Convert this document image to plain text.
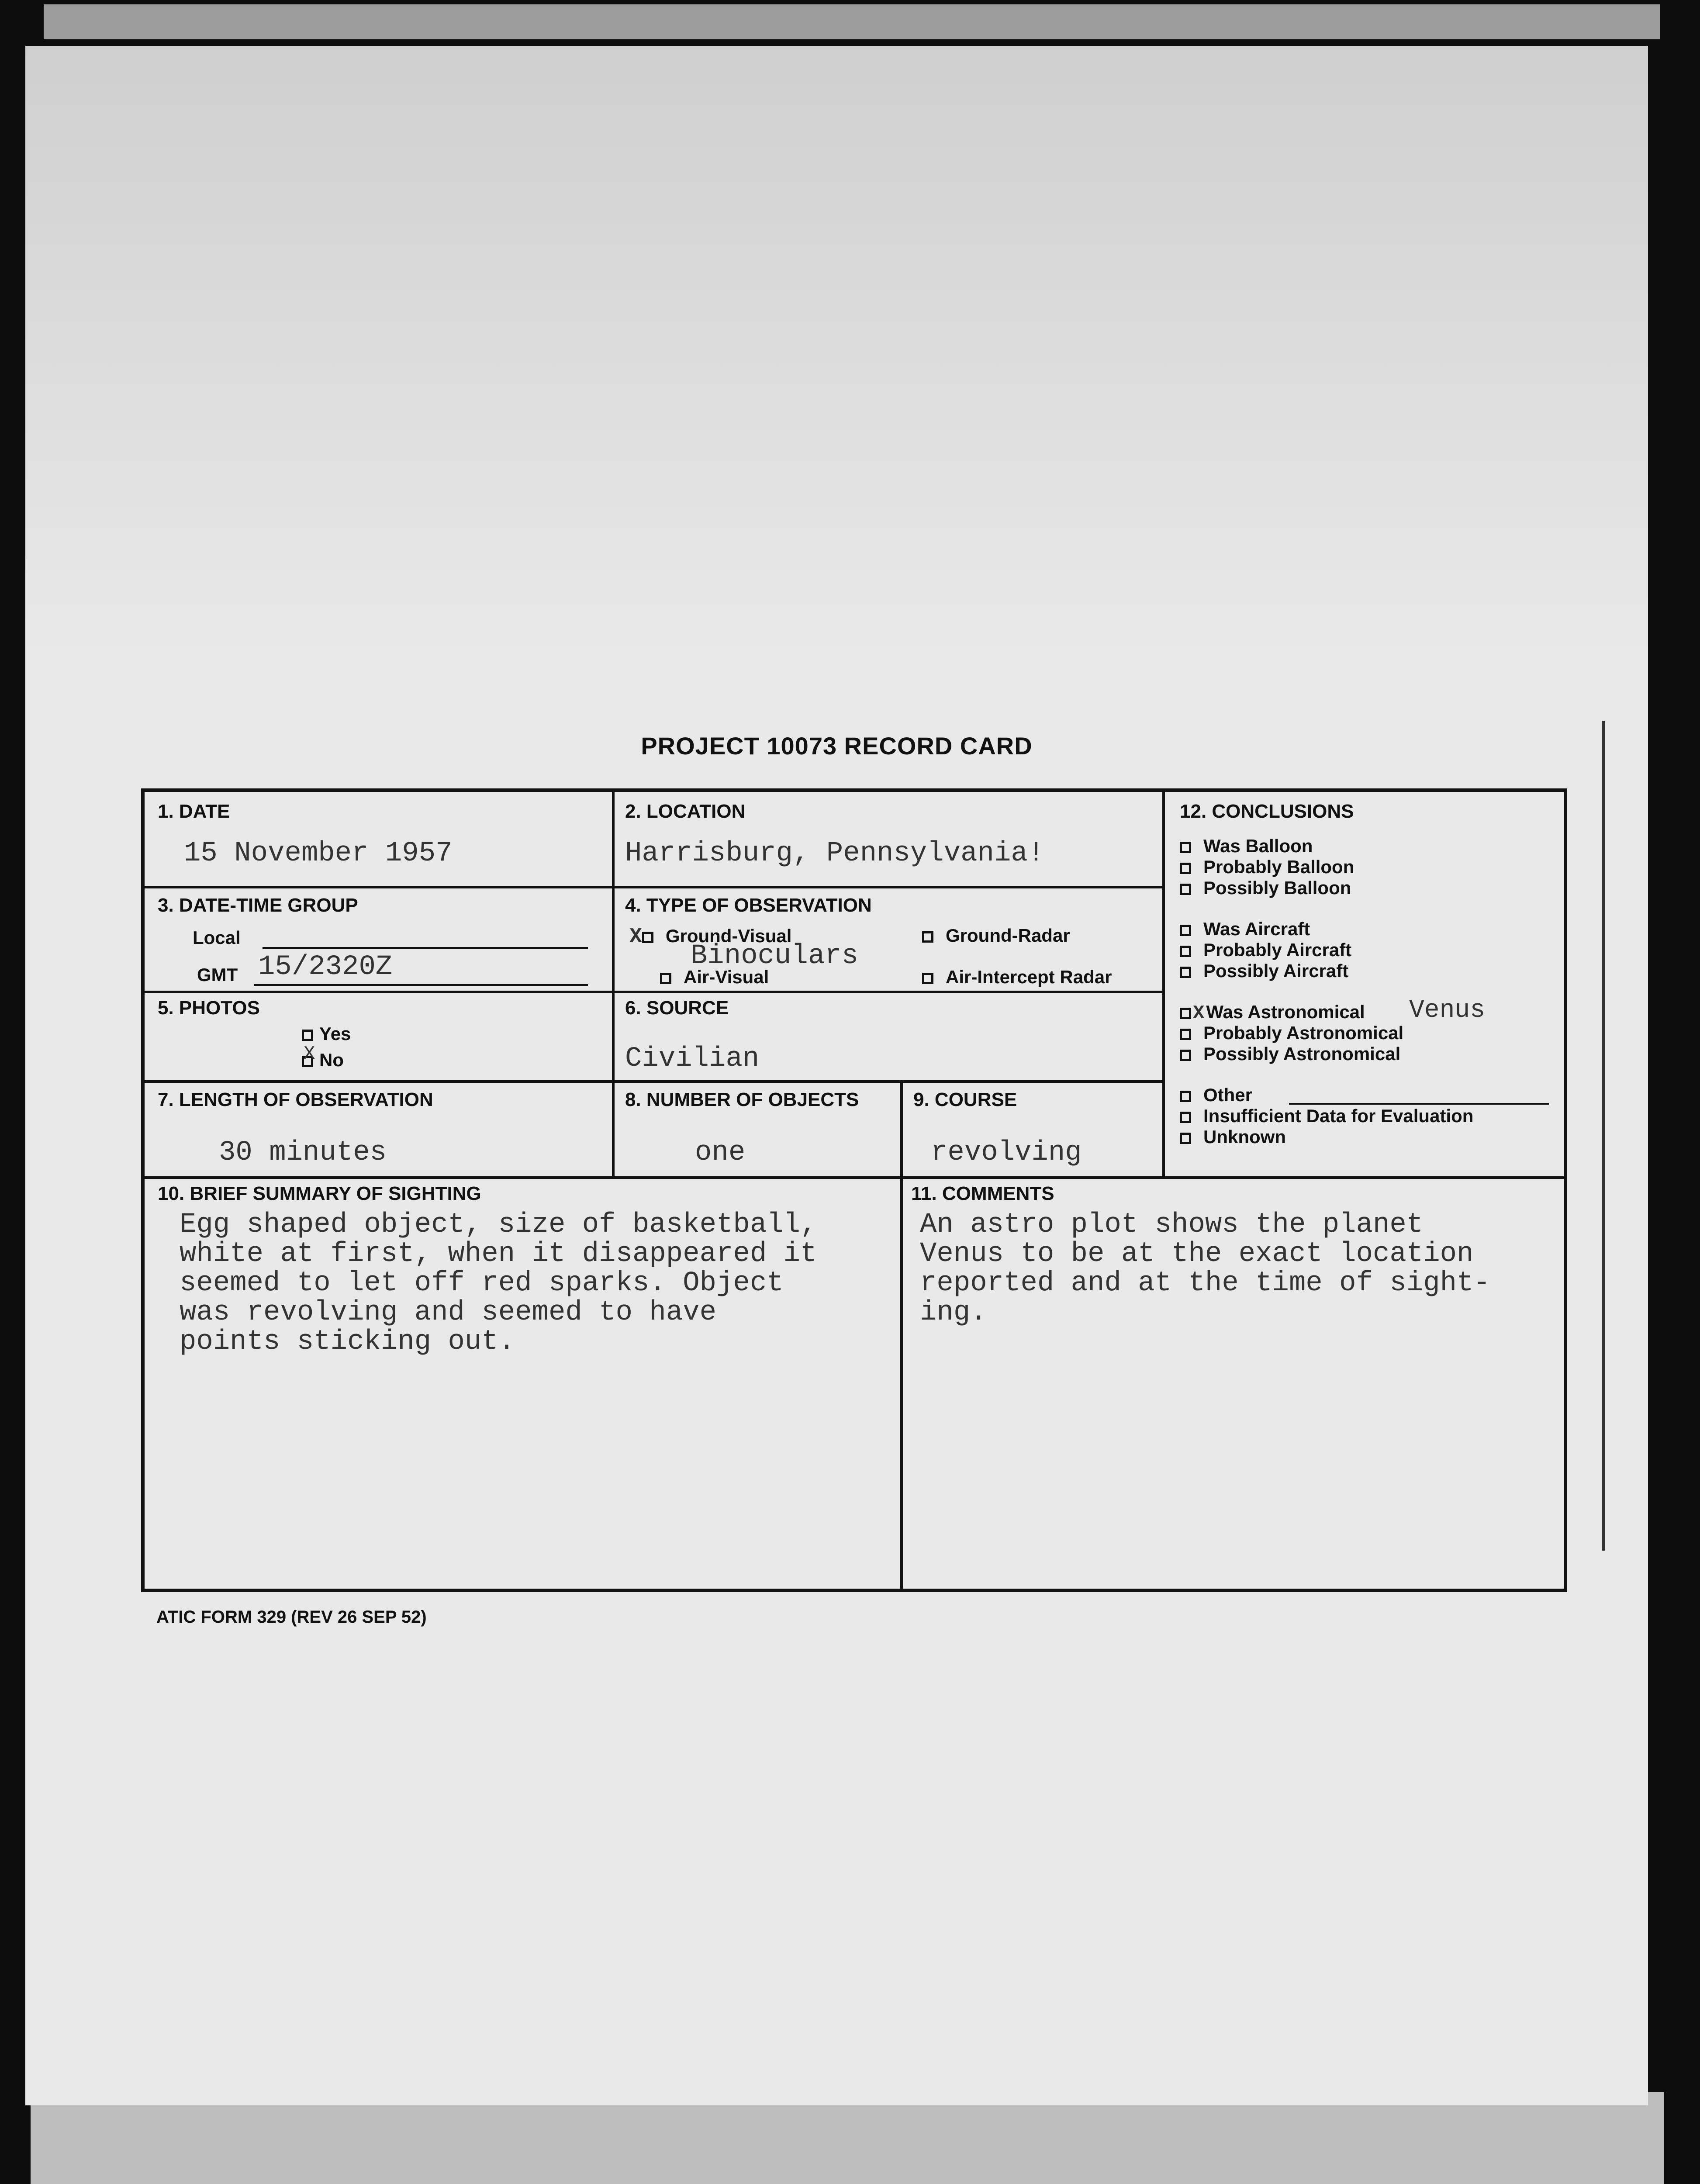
PROJECT 10073 RECORD CARD
1. DATE
15 November 1957
2. LOCATION
Harrisburg, Pennsylvania!
3. DATE-TIME GROUP
Local
GMT 15/2320Z
4. TYPE OF OBSERVATION
X Ground-Visual
Air-Visual
Binoculars
Ground-Radar
Air-Intercept Radar
5. PHOTOS
Yes
No
X
6. SOURCE
Civilian
7. LENGTH OF OBSERVATION
30 minutes
8. NUMBER OF OBJECTS
one
9. COURSE
revolving
12. CONCLUSIONS
Was Balloon
Probably Balloon
Possibly Balloon
Was Aircraft
Probably Aircraft
Possibly Aircraft
XWas Astronomical Venus
Probably Astronomical
Possibly Astronomical
Other
Insufficient Data for Evaluation
Unknown
10. BRIEF SUMMARY OF SIGHTING
Egg shaped object, size of basketball,
white at first, when it disappeared it
seemed to let off red sparks. Object
was revolving and seemed to have
points sticking out.
11. COMMENTS
An astro plot shows the planet
Venus to be at the exact location
reported and at the time of sight-
ing.
ATIC FORM 329 (REV 26 SEP 52)
